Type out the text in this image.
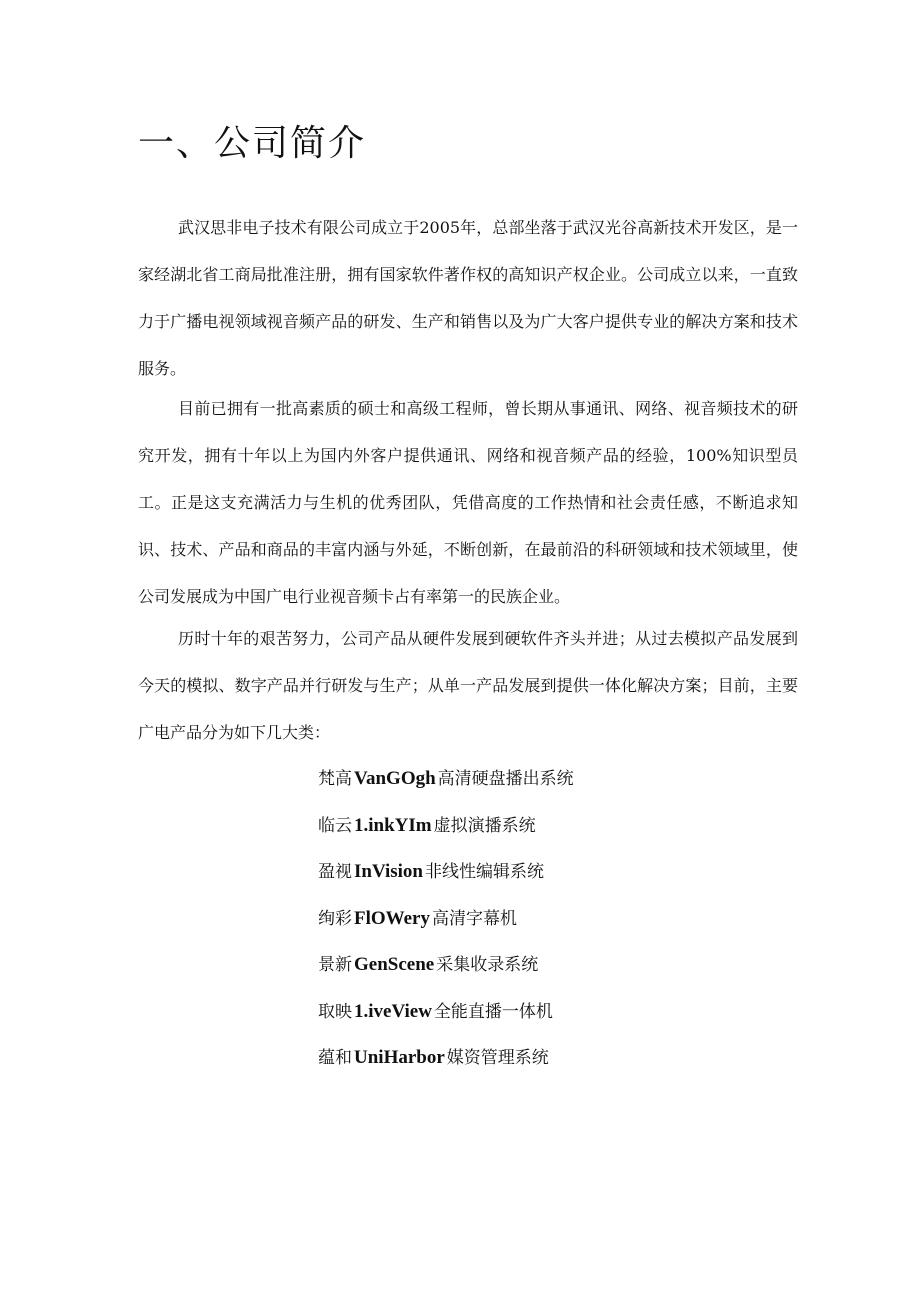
一、公司简介

武汉思非电子技术有限公司成立于2005年，总部坐落于武汉光谷高新技术开发区，是一家经湖北省工商局批准注册，拥有国家软件著作权的高知识产权企业。公司成立以来，一直致力于广播电视领域视音频产品的研发、生产和销售以及为广大客户提供专业的解决方案和技术服务。

目前已拥有一批高素质的硕士和高级工程师，曾长期从事通讯、网络、视音频技术的研究开发，拥有十年以上为国内外客户提供通讯、网络和视音频产品的经验，100%知识型员工。正是这支充满活力与生机的优秀团队，凭借高度的工作热情和社会责任感，不断追求知识、技术、产品和商品的丰富内涵与外延，不断创新，在最前沿的科研领域和技术领域里，使公司发展成为中国广电行业视音频卡占有率第一的民族企业。

历时十年的艰苦努力，公司产品从硬件发展到硬软件齐头并进；从过去模拟产品发展到今天的模拟、数字产品并行研发与生产；从单一产品发展到提供一体化解决方案；目前，主要广电产品分为如下几大类：

梵高 VanGOgh 高清硬盘播出系统
临云 1.inkYIm 虚拟演播系统
盈视 InVision 非线性编辑系统
绚彩 FlOWery 高清字幕机
景新 GenScene 采集收录系统
取映 1.iveView 全能直播一体机
蕴和 UniHarbor 媒资管理系统
